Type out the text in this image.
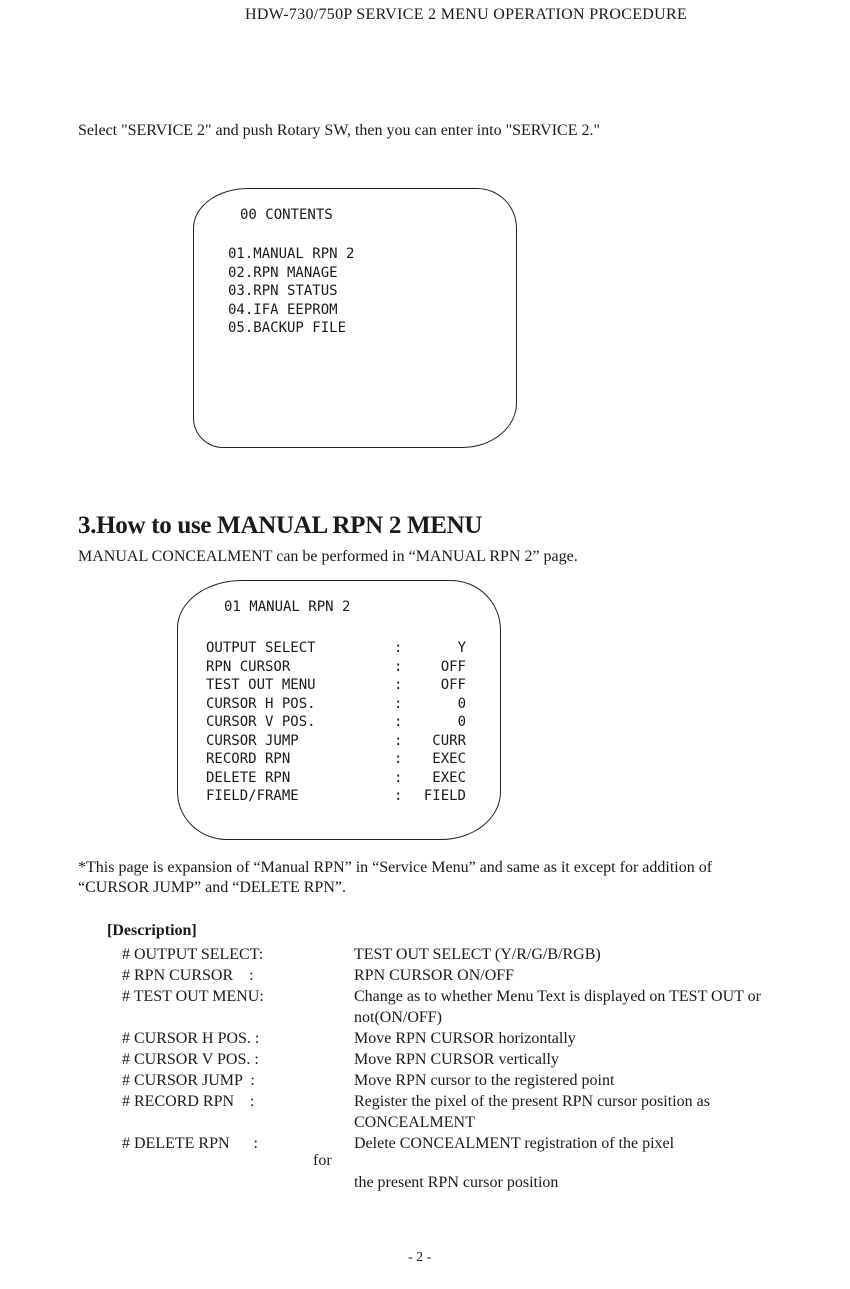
HDW-730/750P SERVICE 2 MENU OPERATION PROCEDURE
Select "SERVICE 2" and push Rotary SW, then you can enter into "SERVICE 2."
00 CONTENTS
01.MANUAL RPN 2
02.RPN MANAGE
03.RPN STATUS
04.IFA EEPROM
05.BACKUP FILE
3.How to use MANUAL RPN 2 MENU
MANUAL CONCEALMENT can be performed in “MANUAL RPN 2” page.
01 MANUAL RPN 2
OUTPUT SELECT	:	Y
RPN CURSOR	:	OFF
TEST OUT MENU	:	OFF
CURSOR H POS.	:	0
CURSOR V POS.	:	0
CURSOR JUMP	: CURR
RECORD RPN	: EXEC
DELETE RPN	: EXEC
FIELD/FRAME	: FIELD
*This page is expansion of “Manual RPN” in “Service Menu” and same as it except for addition of “CURSOR JUMP” and “DELETE RPN”.
[Description]
# OUTPUT SELECT:	TEST OUT SELECT (Y/R/G/B/RGB)
# RPN CURSOR    :	RPN CURSOR ON/OFF
# TEST OUT MENU:	Change as to whether Menu Text is displayed on TEST OUT or not(ON/OFF)
# CURSOR H POS. :	Move RPN CURSOR horizontally
# CURSOR V POS. :	Move RPN CURSOR vertically
# CURSOR JUMP  :	Move RPN cursor to the registered point
# RECORD RPN    :	Register the pixel of the present RPN cursor position as CONCEALMENT
# DELETE RPN      :	Delete CONCEALMENT registration of the pixel
for
the present RPN cursor position
- 2 -
